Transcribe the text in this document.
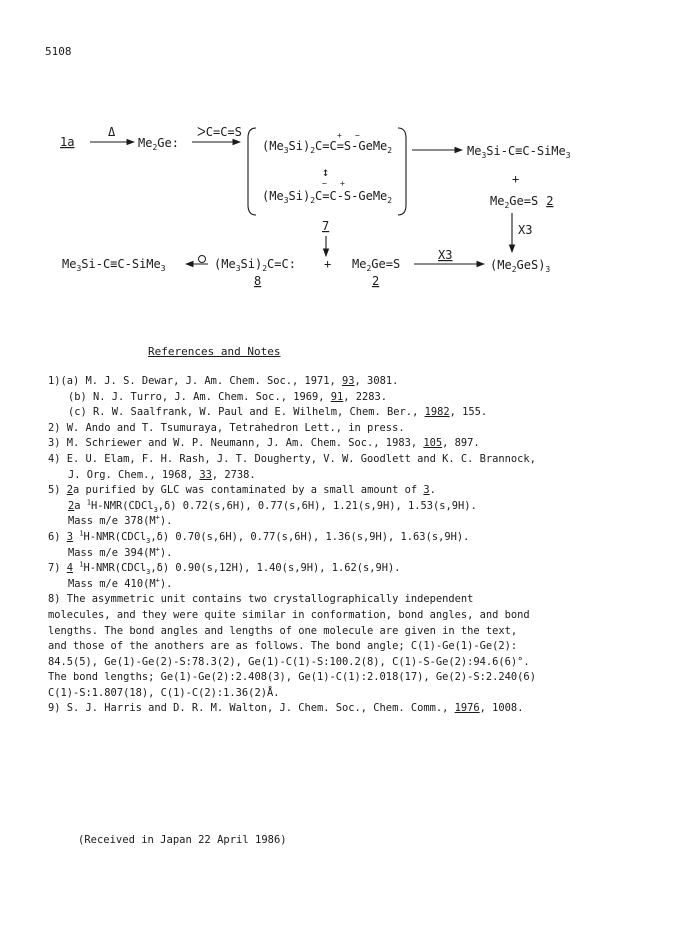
5108
1a
Δ
$Me_2Ge$:
ᐳC=C=S
$(Me_3Si)_2C=C=S-GeMe_2$
+ −
↕
$(Me_3Si)_2C=C-S-GeMe_2$
− +
$Me_3Si-C\equiv C-SiMe_3$
+
$Me_2Ge=S$ 2
X3
7
$Me_3Si-C\equiv C-SiMe_3$	$(Me_3Si)_2C=C$:
8
+ $Me_2Ge=S$
2
X3
$(Me_2GeS)_3$
References and Notes
1)(a) M. J. S. Dewar, J. Am. Chem. Soc., 1971, 93, 3081.
(b) N. J. Turro, J. Am. Chem. Soc., 1969, 91, 2283.
(c) R. W. Saalfrank, W. Paul and E. Wilhelm, Chem. Ber., 1982, 155.
2) W. Ando and T. Tsumuraya, Tetrahedron Lett., in press.
3) M. Schriewer and W. P. Neumann, J. Am. Chem. Soc., 1983, 105, 897.
4) E. U. Elam, F. H. Rash, J. T. Dougherty, V. W. Goodlett and K. C. Brannock,
J. Org. Chem., 1968, 33, 2738.
5) 2a purified by GLC was contaminated by a small amount of 3.
2a $^1$H-NMR(CDCl$_3$,δ) 0.72(s,6H), 0.77(s,6H), 1.21(s,9H), 1.53(s,9H).
Mass m/e 378(M+).
6) 3 $^1$H-NMR(CDCl$_3$,δ) 0.70(s,6H), 0.77(s,6H), 1.36(s,9H), 1.63(s,9H).
Mass m/e 394(M+).
7) 4 $^1$H-NMR(CDCl$_3$,δ) 0.90(s,12H), 1.40(s,9H), 1.62(s,9H).
Mass m/e 410(M+).
8) The asymmetric unit contains two crystallographically independent
molecules, and they were quite similar in conformation, bond angles, and bond
lengths. The bond angles and lengths of one molecule are given in the text,
and those of the anothers are as follows. The bond angle; C(1)-Ge(1)-Ge(2):
84.5(5), Ge(1)-Ge(2)-S:78.3(2), Ge(1)-C(1)-S:100.2(8), C(1)-S-Ge(2):94.6(6)°.
The bond lengths; Ge(1)-Ge(2):2.408(3), Ge(1)-C(1):2.018(17), Ge(2)-S:2.240(6)
C(1)-S:1.807(18), C(1)-C(2):1.36(2)Å.
9) S. J. Harris and D. R. M. Walton, J. Chem. Soc., Chem. Comm., 1976, 1008.
(Received in Japan 22 April 1986)
